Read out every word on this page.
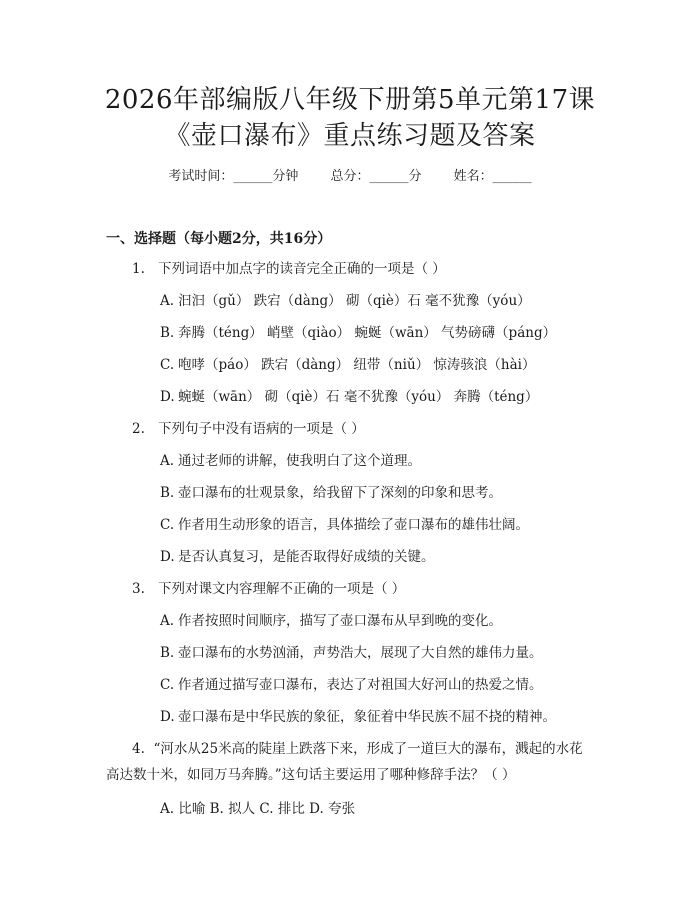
2026年部编版八年级下册第5单元第17课
《壶口瀑布》重点练习题及答案
考试时间：______分钟 总分：______分 姓名：______
一、选择题（每小题2分，共16分）
1. 下列词语中加点字的读音完全正确的一项是（ ）
A. 汩汩（gǔ） 跌宕（dàng） 砌（qiè）石 毫不犹豫（yóu）
B. 奔腾（téng） 峭壁（qiào） 蜿蜒（wān） 气势磅礴（páng）
C. 咆哮（páo） 跌宕（dàng） 纽带（niǔ） 惊涛骇浪（hài）
D. 蜿蜒（wān） 砌（qiè）石 毫不犹豫（yóu） 奔腾（téng）
2. 下列句子中没有语病的一项是（ ）
A. 通过老师的讲解，使我明白了这个道理。
B. 壶口瀑布的壮观景象，给我留下了深刻的印象和思考。
C. 作者用生动形象的语言，具体描绘了壶口瀑布的雄伟壮阔。
D. 是否认真复习，是能否取得好成绩的关键。
3. 下列对课文内容理解不正确的一项是（ ）
A. 作者按照时间顺序，描写了壶口瀑布从早到晚的变化。
B. 壶口瀑布的水势汹涌，声势浩大，展现了大自然的雄伟力量。
C. 作者通过描写壶口瀑布，表达了对祖国大好河山的热爱之情。
D. 壶口瀑布是中华民族的象征，象征着中华民族不屈不挠的精神。
4. “河水从25米高的陡崖上跌落下来，形成了一道巨大的瀑布，溅起的水花高达数十米，如同万马奔腾。”这句话主要运用了哪种修辞手法？（ ）
A. 比喻 B. 拟人 C. 排比 D. 夸张
